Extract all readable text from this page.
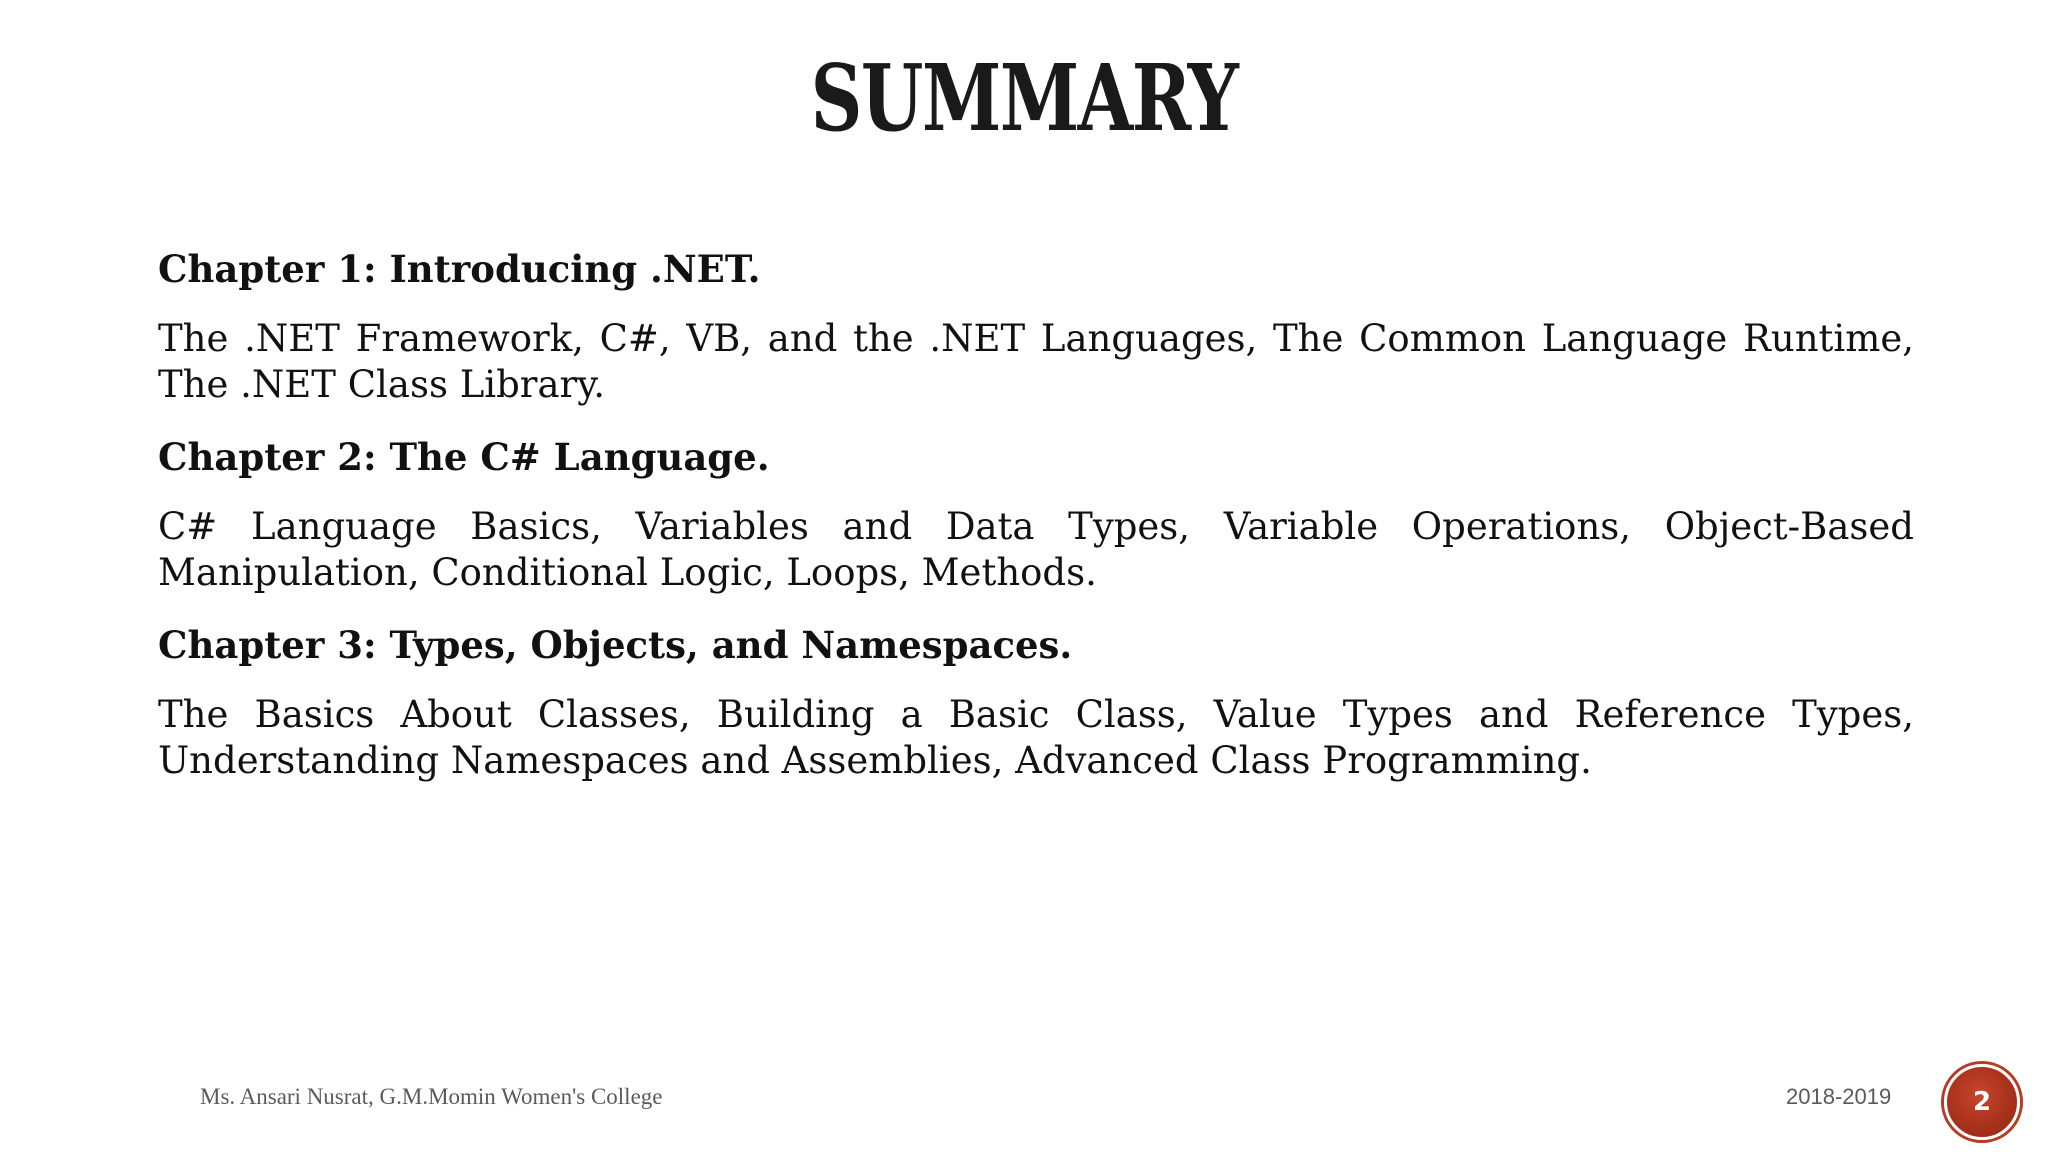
SUMMARY
Chapter 1: Introducing .NET.
The .NET Framework, C#, VB, and the .NET Languages, The Common Language Runtime, The .NET Class Library.
Chapter 2: The C# Language.
C# Language Basics, Variables and Data Types, Variable Operations, Object-Based Manipulation, Conditional Logic, Loops, Methods.
Chapter 3: Types, Objects, and Namespaces.
The Basics About Classes, Building a Basic Class, Value Types and Reference Types, Understanding Namespaces and Assemblies, Advanced Class Programming.
Ms. Ansari Nusrat, G.M.Momin Women's College	2018-2019	2
